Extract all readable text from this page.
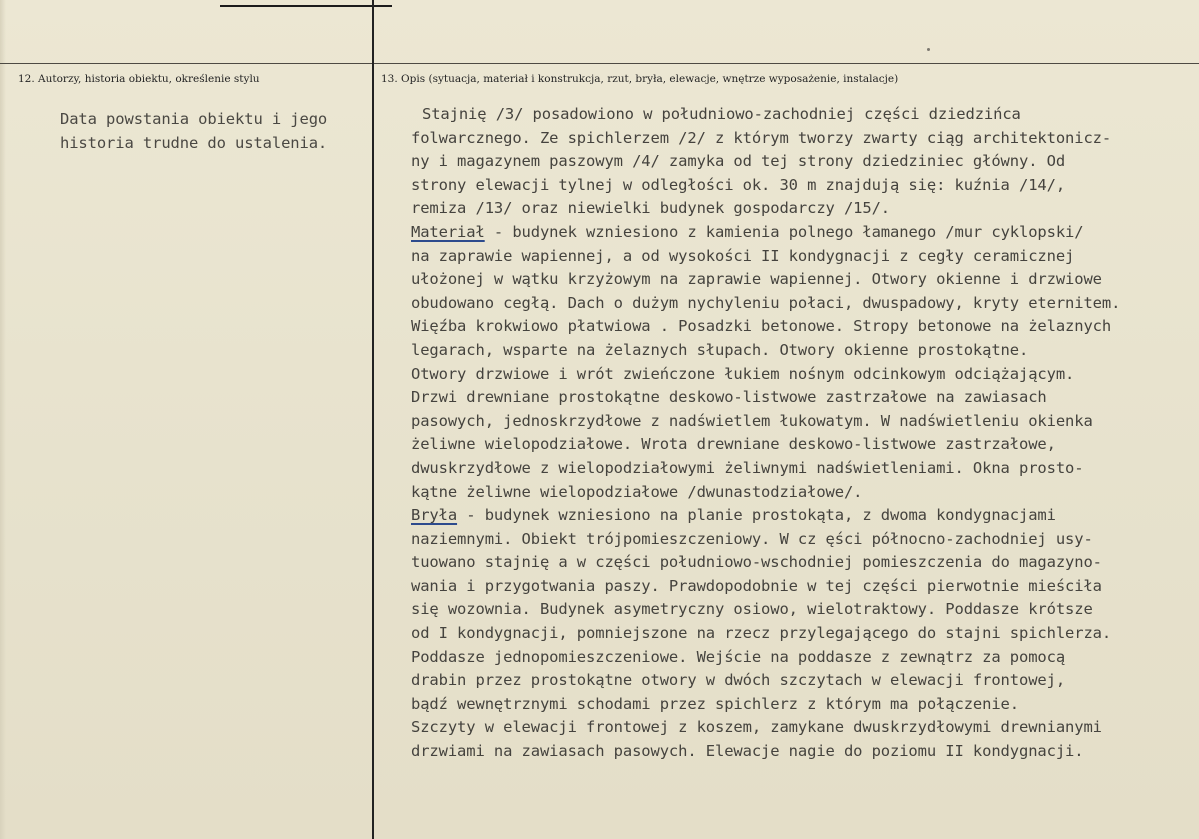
12. Autorzy, historia obiektu, określenie stylu	13. Opis (sytuacja, materiał i konstrukcja, rzut, bryła, elewacje, wnętrze wyposażenie, instalacje)
Data powstania obiektu i jego
historia trudne do ustalenia.
Stajnię /3/ posadowiono w południowo-zachodniej części dziedzińca
folwarcznego. Ze spichlerzem /2/ z którym tworzy zwarty ciąg architektonicz-
ny i magazynem paszowym /4/ zamyka od tej strony dziedziniec główny. Od
strony elewacji tylnej w odległości ok. 30 m znajdują się: kuźnia /14/,
remiza /13/ oraz niewielki budynek gospodarczy /15/.
Materiał - budynek wzniesiono z kamienia polnego łamanego /mur cyklopski/
na zaprawie wapiennej, a od wysokości II kondygnacji z cegły ceramicznej
ułożonej w wątku krzyżowym na zaprawie wapiennej. Otwory okienne i drzwiowe
obudowano cegłą. Dach o dużym nychyleniu połaci, dwuspadowy, kryty eternitem.
Więźba krokwiowo płatwiowa . Posadzki betonowe. Stropy betonowe na żelaznych
legarach, wsparte na żelaznych słupach. Otwory okienne prostokątne.
Otwory drzwiowe i wrót zwieńczone łukiem nośnym odcinkowym odciążającym.
Drzwi drewniane prostokątne deskowo-listwowe zastrzałowe na zawiasach
pasowych, jednoskrzydłowe z nadświetlem łukowatym. W nadświetleniu okienka
żeliwne wielopodziałowe. Wrota drewniane deskowo-listwowe zastrzałowe,
dwuskrzydłowe z wielopodziałowymi żeliwnymi nadświetleniami. Okna prosto-
kątne żeliwne wielopodziałowe /dwunastodziałowe/.
Bryła - budynek wzniesiono na planie prostokąta, z dwoma kondygnacjami
naziemnymi. Obiekt trójpomieszczeniowy. W cz ęści północno-zachodniej usy-
tuowano stajnię a w części południowo-wschodniej pomieszczenia do magazyno-
wania i przygotwania paszy. Prawdopodobnie w tej części pierwotnie mieściła
się wozownia. Budynek asymetryczny osiowo, wielotraktowy. Poddasze krótsze
od I kondygnacji, pomniejszone na rzecz przylegającego do stajni spichlerza.
Poddasze jednopomieszczeniowe. Wejście na poddasze z zewnątrz za pomocą
drabin przez prostokątne otwory w dwóch szczytach w elewacji frontowej,
bądź wewnętrznymi schodami przez spichlerz z którym ma połączenie.
Szczyty w elewacji frontowej z koszem, zamykane dwuskrzydłowymi drewnianymi
drzwiami na zawiasach pasowych. Elewacje nagie do poziomu II kondygnacji.
